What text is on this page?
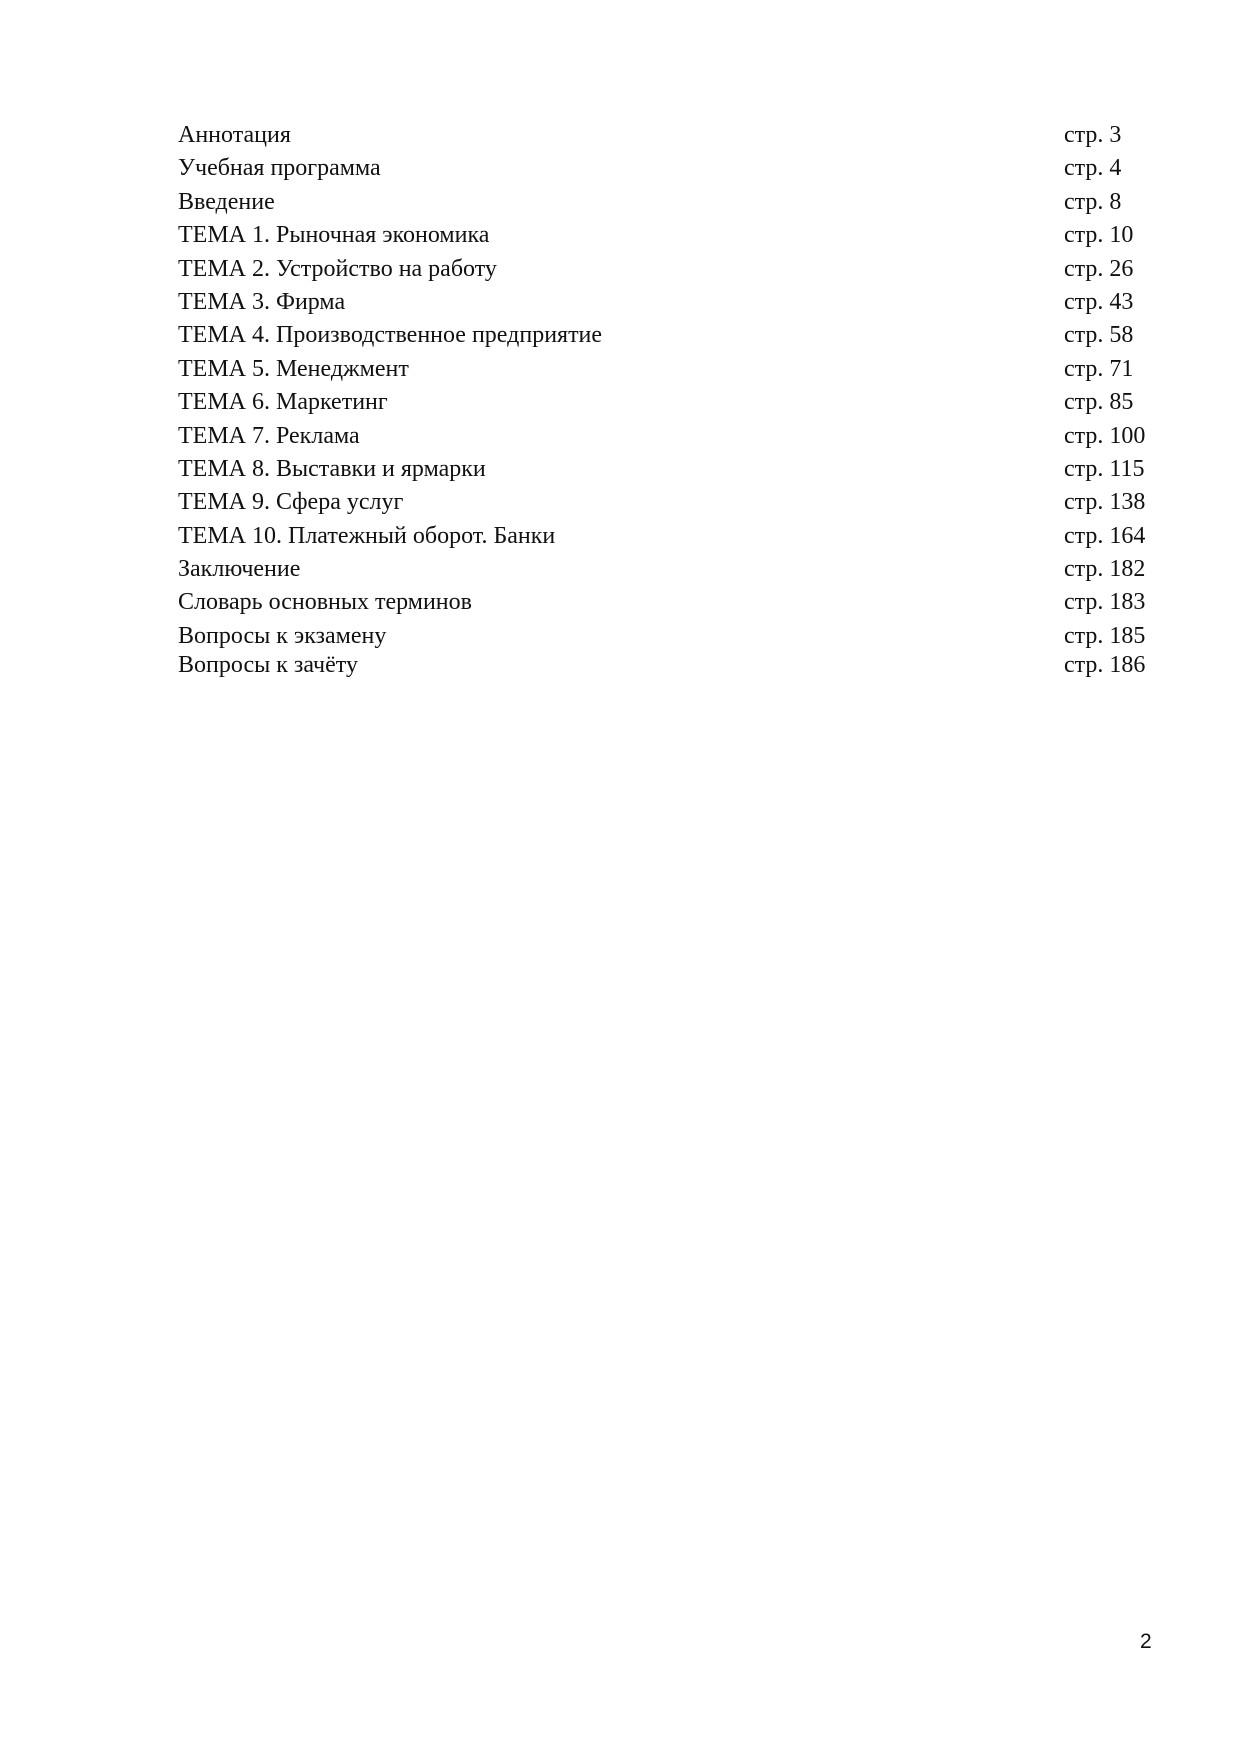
Аннотация	стр. 3
Учебная программа	стр. 4
Введение	стр. 8
ТЕМА 1. Рыночная экономика	стр. 10
ТЕМА 2. Устройство на работу	стр. 26
ТЕМА 3. Фирма	стр. 43
ТЕМА 4. Производственное предприятие	стр. 58
ТЕМА 5. Менеджмент	стр. 71
ТЕМА 6. Маркетинг	стр. 85
ТЕМА 7. Реклама	стр. 100
ТЕМА 8. Выставки и ярмарки	стр. 115
ТЕМА 9. Сфера услуг	стр. 138
ТЕМА 10. Платежный оборот. Банки	стр. 164
Заключение	стр. 182
Словарь основных терминов	стр. 183
Вопросы к экзамену	стр. 185
Вопросы к зачёту	стр. 186
2
